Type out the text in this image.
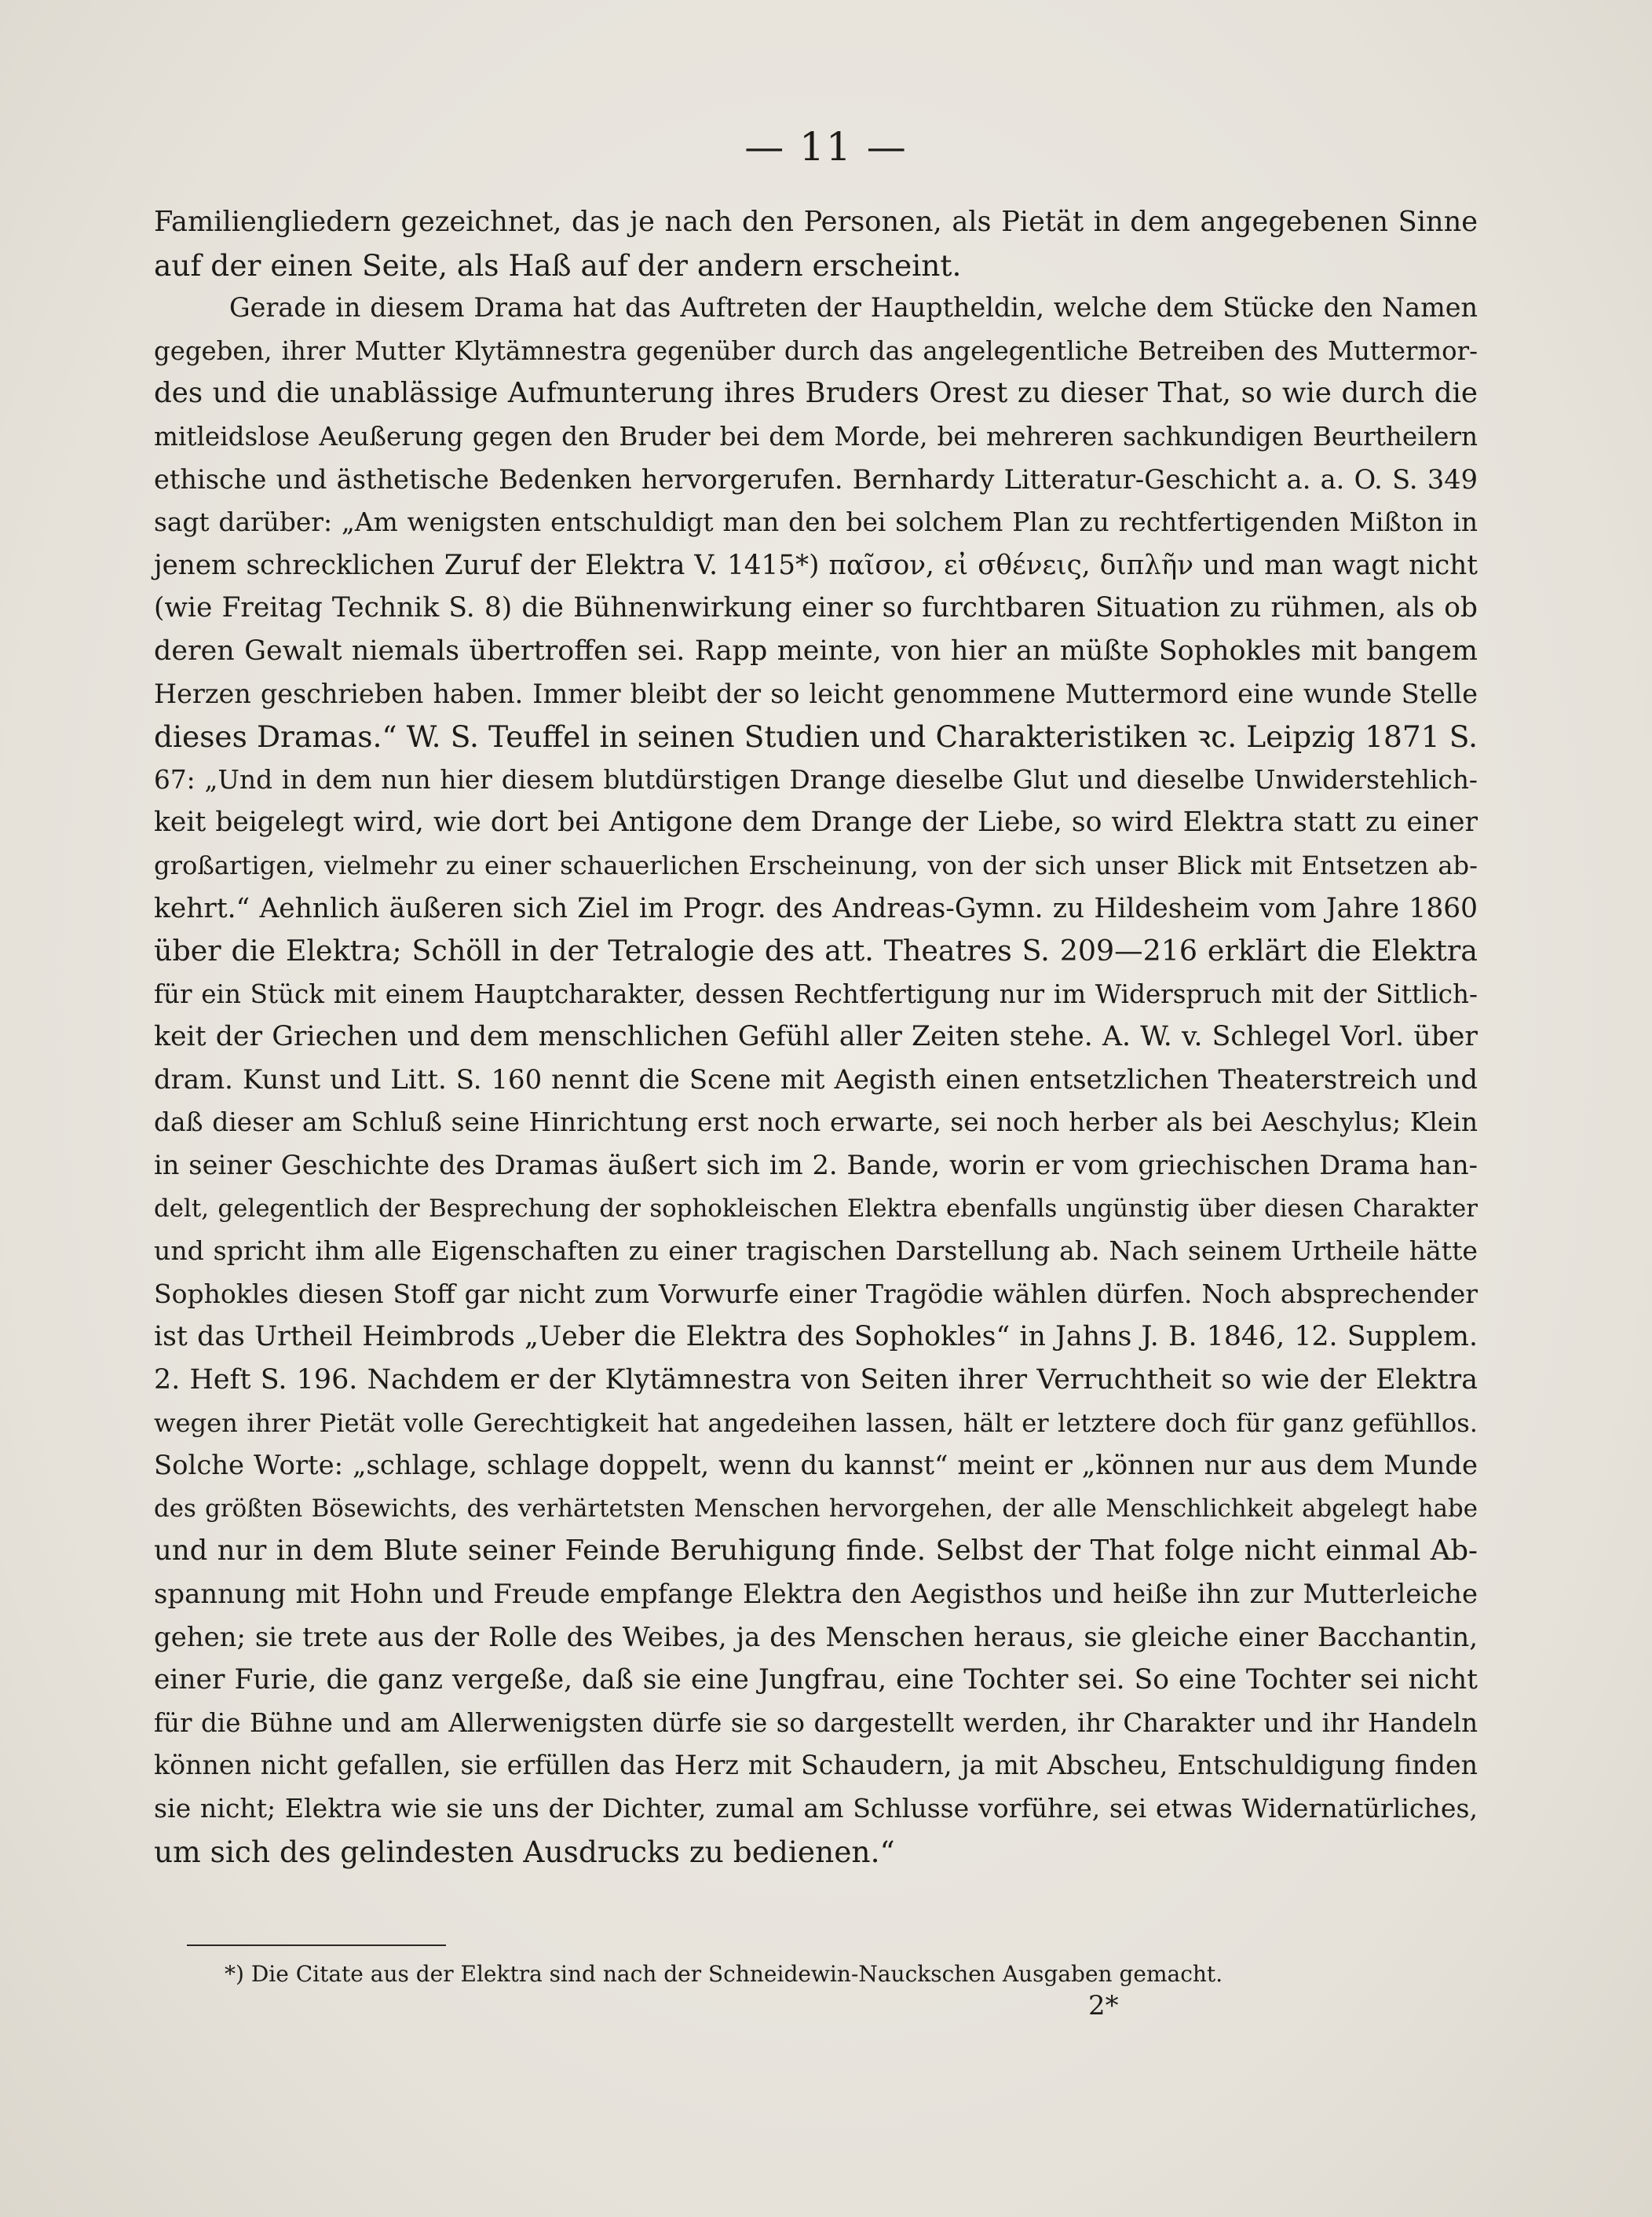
— 11 —

Familiengliedern gezeichnet, das je nach den Personen, als Pietät in dem angegebenen Sinne
auf der einen Seite, als Haß auf der andern erscheint.

Gerade in diesem Drama hat das Auftreten der Hauptheldin, welche dem Stücke den Namen
gegeben, ihrer Mutter Klytämnestra gegenüber durch das angelegentliche Betreiben des Muttermor-
des und die unablässige Aufmunterung ihres Bruders Orest zu dieser That, so wie durch die
mitleidslose Aeußerung gegen den Bruder bei dem Morde, bei mehreren sachkundigen Beurtheilern
ethische und ästhetische Bedenken hervorgerufen. Bernhardy Litteratur-Geschicht a. a. O. S. 349
sagt darüber: „Am wenigsten entschuldigt man den bei solchem Plan zu rechtfertigenden Mißton in
jenem schrecklichen Zuruf der Elektra V. 1415*) παῖσον, εἰ σθένεις, διπλῆν und man wagt nicht
(wie Freitag Technik S. 8) die Bühnenwirkung einer so furchtbaren Situation zu rühmen, als ob
deren Gewalt niemals übertroffen sei. Rapp meinte, von hier an müßte Sophokles mit bangem
Herzen geschrieben haben. Immer bleibt der so leicht genommene Muttermord eine wunde Stelle
dieses Dramas.“ W. S. Teuffel in seinen Studien und Charakteristiken ꝛc. Leipzig 1871 S.
67: „Und in dem nun hier diesem blutdürstigen Drange dieselbe Glut und dieselbe Unwiderstehlich-
keit beigelegt wird, wie dort bei Antigone dem Drange der Liebe, so wird Elektra statt zu einer
großartigen, vielmehr zu einer schauerlichen Erscheinung, von der sich unser Blick mit Entsetzen ab-
kehrt.“ Aehnlich äußeren sich Ziel im Progr. des Andreas-Gymn. zu Hildesheim vom Jahre 1860
über die Elektra; Schöll in der Tetralogie des att. Theatres S. 209—216 erklärt die Elektra
für ein Stück mit einem Hauptcharakter, dessen Rechtfertigung nur im Widerspruch mit der Sittlich-
keit der Griechen und dem menschlichen Gefühl aller Zeiten stehe. A. W. v. Schlegel Vorl. über
dram. Kunst und Litt. S. 160 nennt die Scene mit Aegisth einen entsetzlichen Theaterstreich und
daß dieser am Schluß seine Hinrichtung erst noch erwarte, sei noch herber als bei Aeschylus; Klein
in seiner Geschichte des Dramas äußert sich im 2. Bande, worin er vom griechischen Drama han-
delt, gelegentlich der Besprechung der sophokleischen Elektra ebenfalls ungünstig über diesen Charakter
und spricht ihm alle Eigenschaften zu einer tragischen Darstellung ab. Nach seinem Urtheile hätte
Sophokles diesen Stoff gar nicht zum Vorwurfe einer Tragödie wählen dürfen. Noch absprechender
ist das Urtheil Heimbrods „Ueber die Elektra des Sophokles“ in Jahns J. B. 1846, 12. Supplem.
2. Heft S. 196. Nachdem er der Klytämnestra von Seiten ihrer Verruchtheit so wie der Elektra
wegen ihrer Pietät volle Gerechtigkeit hat angedeihen lassen, hält er letztere doch für ganz gefühllos.
Solche Worte: „schlage, schlage doppelt, wenn du kannst“ meint er „können nur aus dem Munde
des größten Bösewichts, des verhärtetsten Menschen hervorgehen, der alle Menschlichkeit abgelegt habe
und nur in dem Blute seiner Feinde Beruhigung finde. Selbst der That folge nicht einmal Ab-
spannung mit Hohn und Freude empfange Elektra den Aegisthos und heiße ihn zur Mutterleiche
gehen; sie trete aus der Rolle des Weibes, ja des Menschen heraus, sie gleiche einer Bacchantin,
einer Furie, die ganz vergeße, daß sie eine Jungfrau, eine Tochter sei. So eine Tochter sei nicht
für die Bühne und am Allerwenigsten dürfe sie so dargestellt werden, ihr Charakter und ihr Handeln
können nicht gefallen, sie erfüllen das Herz mit Schaudern, ja mit Abscheu, Entschuldigung finden
sie nicht; Elektra wie sie uns der Dichter, zumal am Schlusse vorführe, sei etwas Widernatürliches,
um sich des gelindesten Ausdrucks zu bedienen.“

*) Die Citate aus der Elektra sind nach der Schneidewin-Nauckschen Ausgaben gemacht.
2*
